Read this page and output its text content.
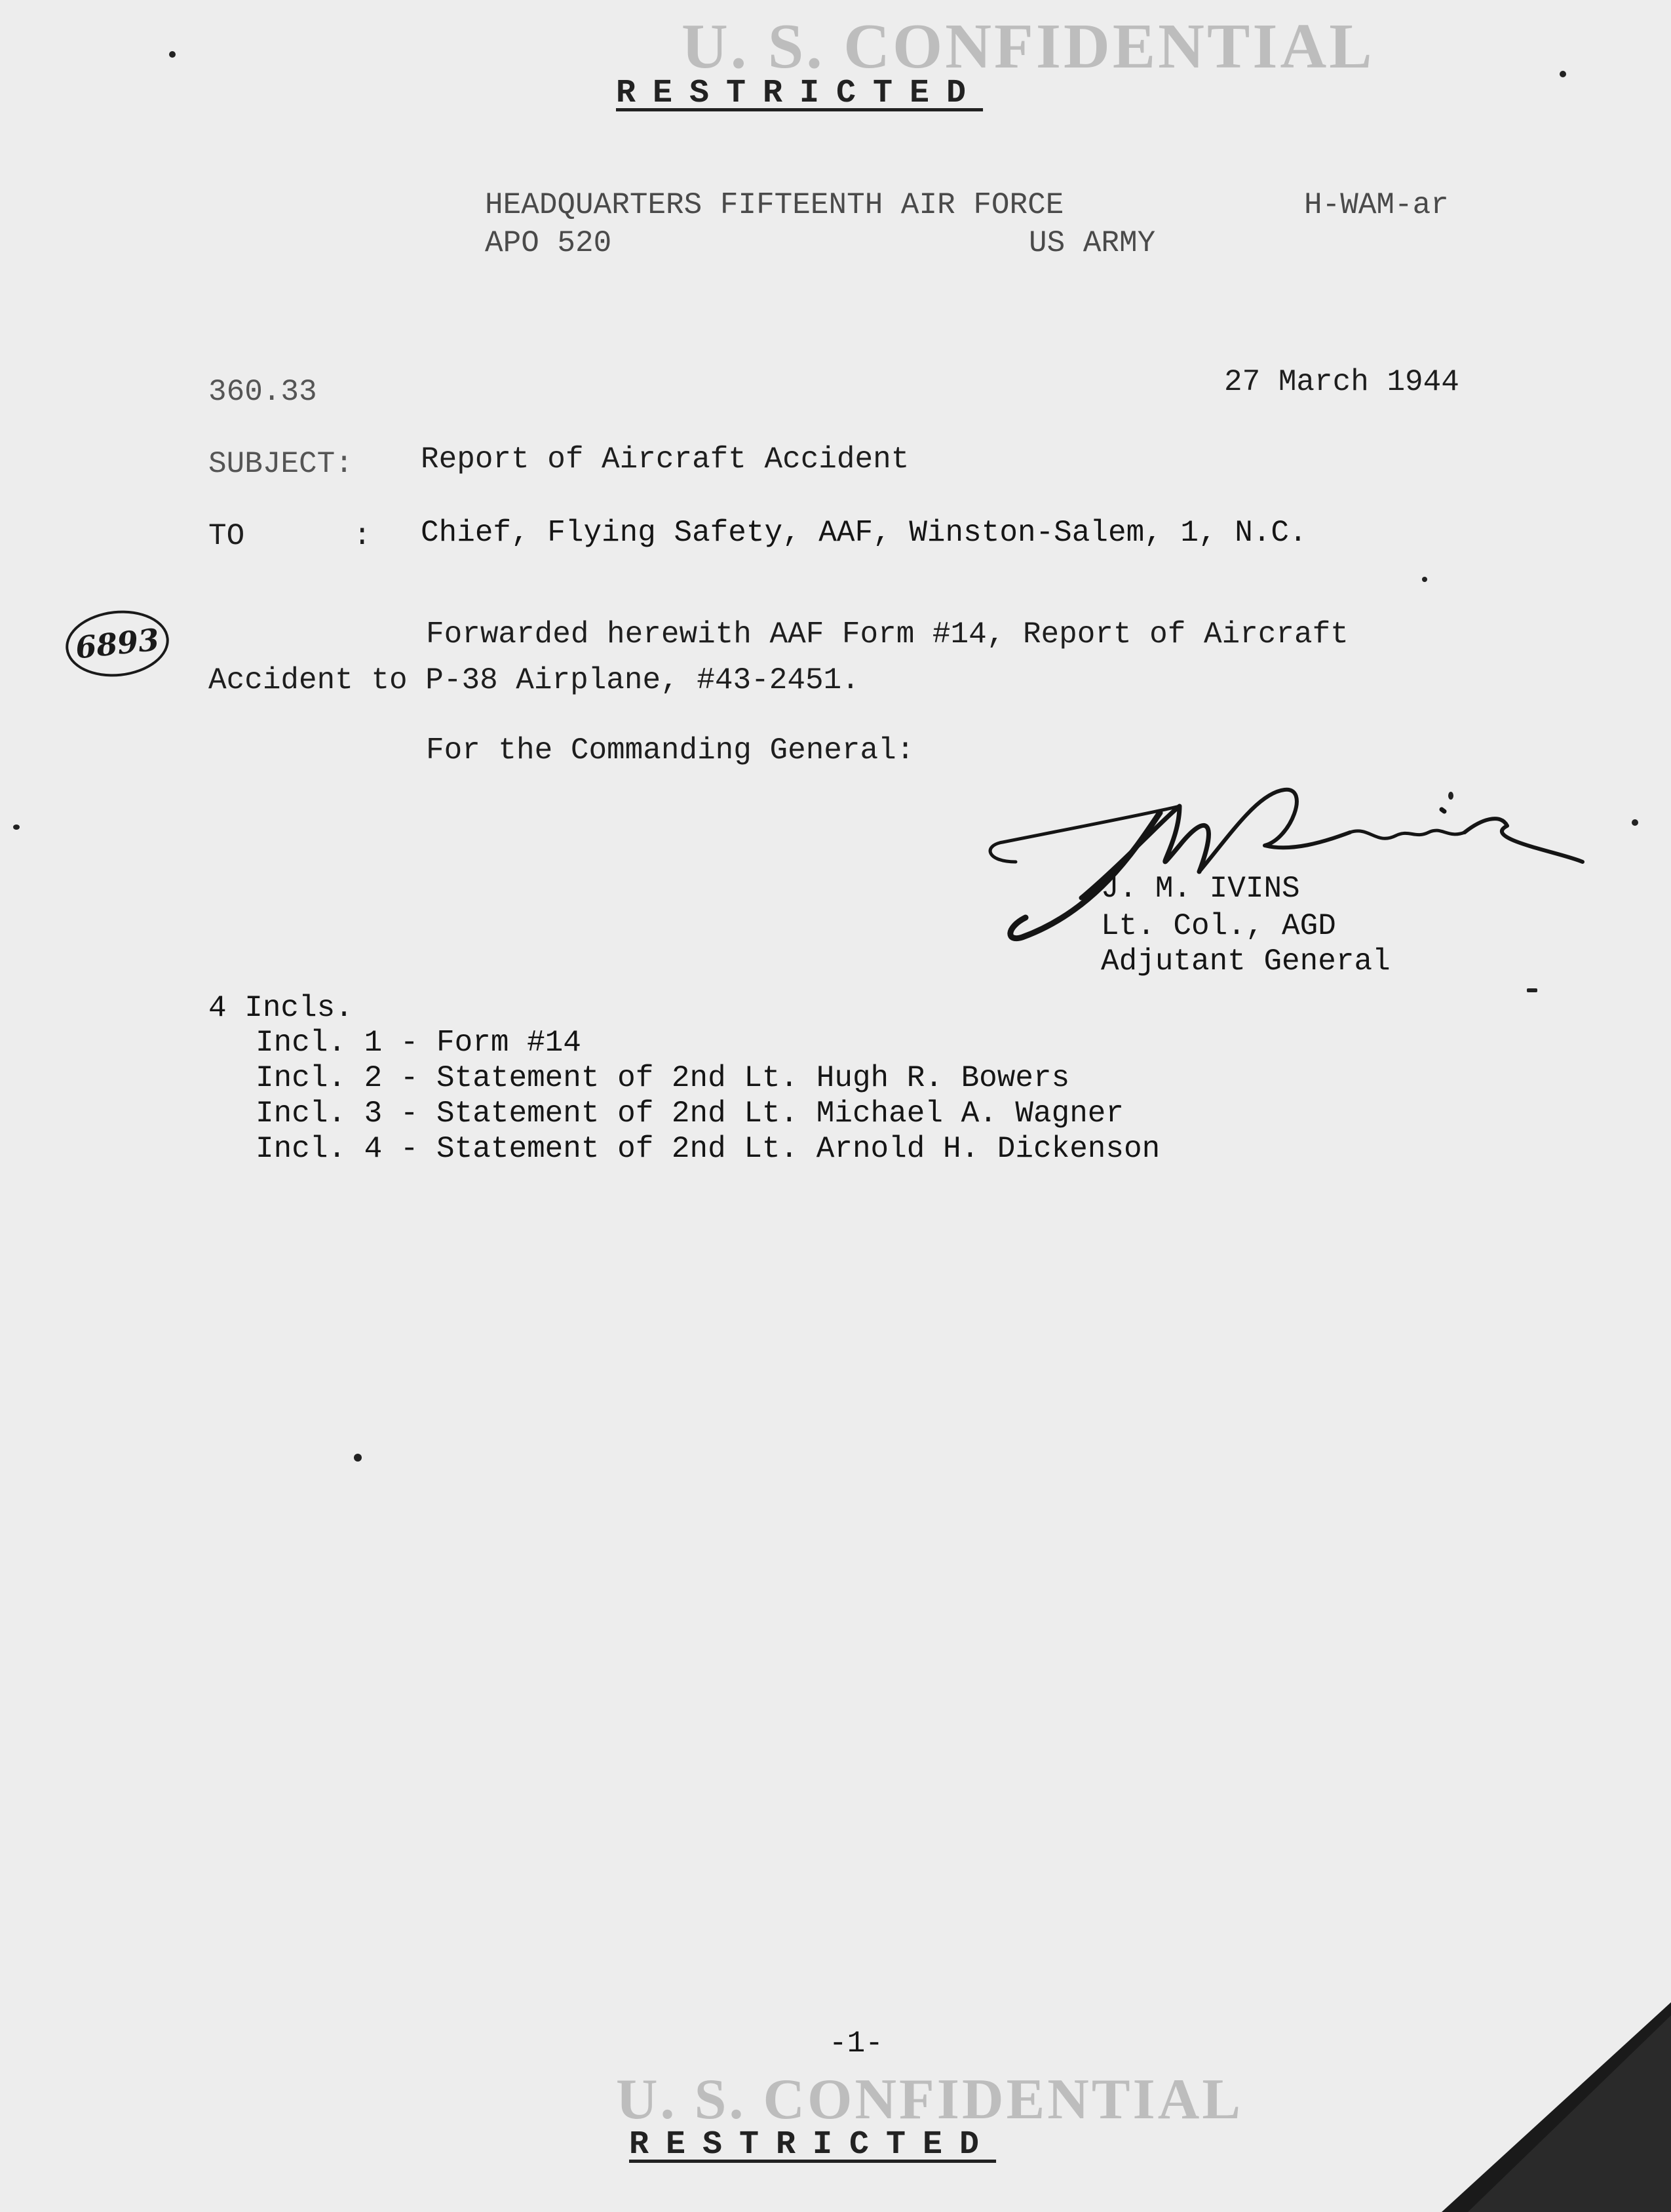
U. S. CONFIDENTIAL
RESTRICTED
HEADQUARTERS FIFTEENTH AIR FORCE	H-WAM-ar
APO 520	US ARMY
360.33	27 March 1944
SUBJECT: Report of Aircraft Accident
TO      : Chief, Flying Safety, AAF, Winston-Salem, 1, N.C.
6893	Forwarded herewith AAF Form #14, Report of Aircraft
Accident to P-38 Airplane, #43-2451.
For the Commanding General:
J. M. IVINS
Lt. Col., AGD
Adjutant General
4 Incls.
Incl. 1 - Form #14
Incl. 2 - Statement of 2nd Lt. Hugh R. Bowers
Incl. 3 - Statement of 2nd Lt. Michael A. Wagner
Incl. 4 - Statement of 2nd Lt. Arnold H. Dickenson
-1-
U. S. CONFIDENTIAL
RESTRICTED
